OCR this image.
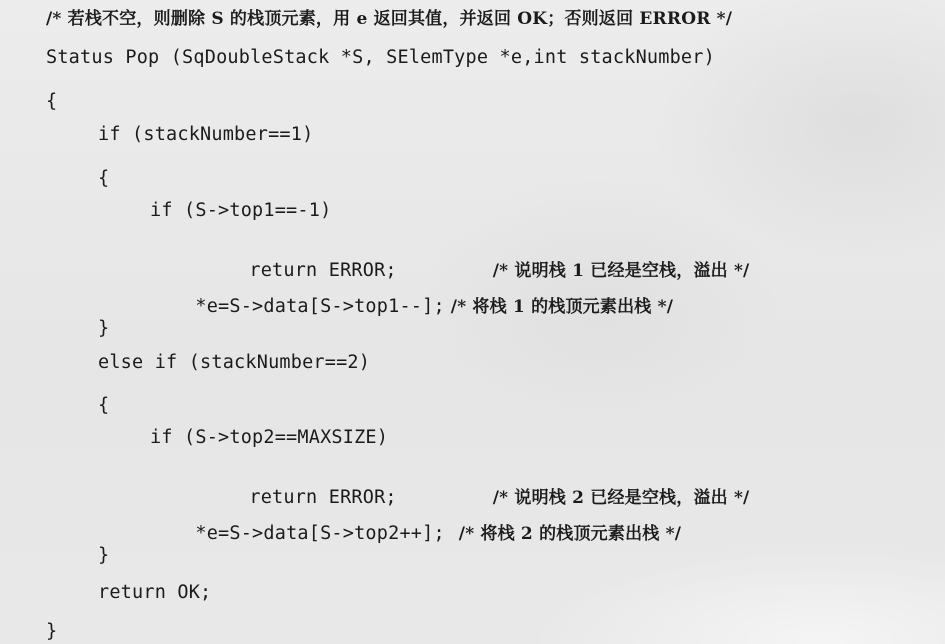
/* 若栈不空，则删除 S 的栈顶元素，用 e 返回其值，并返回 OK；否则返回 ERROR */
Status Pop (SqDoubleStack *S, SElemType *e,int stackNumber)
{
if (stackNumber==1)
{
if (S->top1==-1)

return ERROR;	/* 说明栈 1 已经是空栈，溢出 */

*e=S->data[S->top1--]; /* 将栈 1 的栈顶元素出栈 */

}
else if (stackNumber==2)
{
if (S->top2==MAXSIZE)

return ERROR;	/* 说明栈 2 已经是空栈，溢出 */

*e=S->data[S->top2++]; /* 将栈 2 的栈顶元素出栈 */

}
return OK;
}
